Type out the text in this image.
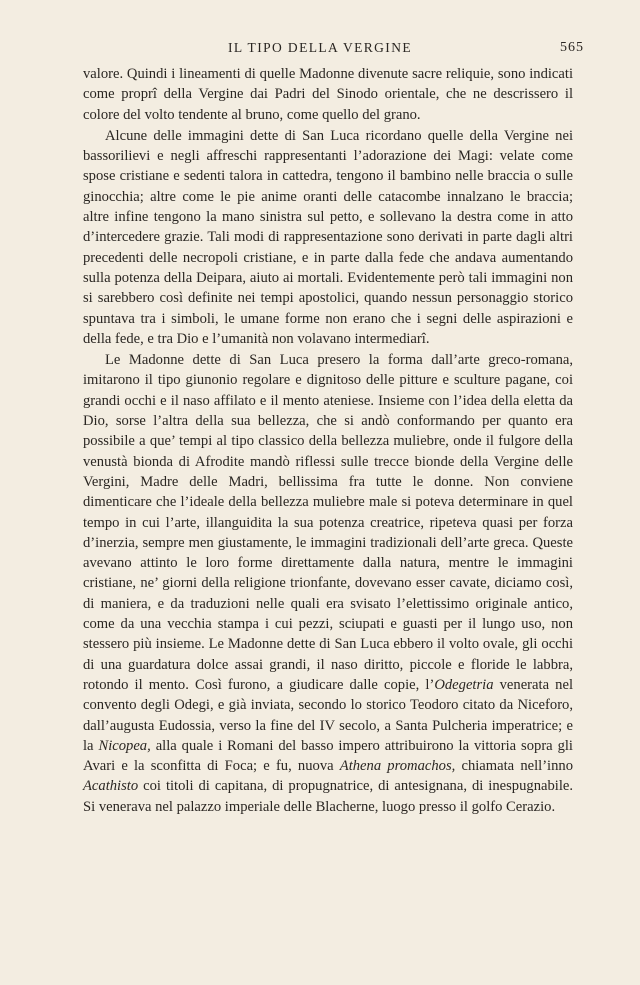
IL TIPO DELLA VERGINE	565

valore. Quindi i lineamenti di quelle Madonne divenute sacre reliquie, sono indicati come proprî della Vergine dai Padri del Sinodo orientale, che ne descrissero il colore del volto tendente al bruno, come quello del grano.

Alcune delle immagini dette di San Luca ricordano quelle della Vergine nei bassorilievi e negli affreschi rappresentanti l’adorazione dei Magi: velate come spose cristiane e sedenti talora in cattedra, tengono il bambino nelle braccia o sulle ginocchia; altre come le pie anime oranti delle catacombe innalzano le braccia; altre infine tengono la mano sinistra sul petto, e sollevano la destra come in atto d’intercedere grazie. Tali modi di rappresentazione sono derivati in parte dagli altri precedenti delle necropoli cristiane, e in parte dalla fede che andava aumentando sulla potenza della Deipara, aiuto ai mortali. Evidentemente però tali immagini non si sarebbero così definite nei tempi apostolici, quando nessun personaggio storico spuntava tra i simboli, le umane forme non erano che i segni delle aspirazioni e della fede, e tra Dio e l’umanità non volavano intermediarî.

Le Madonne dette di San Luca presero la forma dall’arte greco-romana, imitarono il tipo giunonio regolare e dignitoso delle pitture e sculture pagane, coi grandi occhi e il naso affilato e il mento ateniese. Insieme con l’idea della eletta da Dio, sorse l’altra della sua bellezza, che si andò conformando per quanto era possibile a que’ tempi al tipo classico della bellezza muliebre, onde il fulgore della venustà bionda di Afrodite mandò riflessi sulle trecce bionde della Vergine delle Vergini, Madre delle Madri, bellissima fra tutte le donne. Non conviene dimenticare che l’ideale della bellezza muliebre male si poteva determinare in quel tempo in cui l’arte, illanguidita la sua potenza creatrice, ripeteva quasi per forza d’inerzia, sempre men giustamente, le immagini tradizionali dell’arte greca. Queste avevano attinto le loro forme direttamente dalla natura, mentre le immagini cristiane, ne’ giorni della religione trionfante, dovevano esser cavate, diciamo così, di maniera, e da traduzioni nelle quali era svisato l’elettissimo originale antico, come da una vecchia stampa i cui pezzi, sciupati e guasti per il lungo uso, non stessero più insieme. Le Madonne dette di San Luca ebbero il volto ovale, gli occhi di una guardatura dolce assai grandi, il naso diritto, piccole e floride le labbra, rotondo il mento. Così furono, a giudicare dalle copie, l’Odegetria venerata nel convento degli Odegi, e già inviata, secondo lo storico Teodoro citato da Niceforo, dall’augusta Eudossia, verso la fine del IV secolo, a Santa Pulcheria imperatrice; e la Nicopea, alla quale i Romani del basso impero attribuirono la vittoria sopra gli Avari e la sconfitta di Foca; e fu, nuova Athena promachos, chiamata nell’inno Acathisto coi titoli di capitana, di propugnatrice, di antesignana, di inespugnabile. Si venerava nel palazzo imperiale delle Blacherne, luogo presso il golfo Cerazio.
